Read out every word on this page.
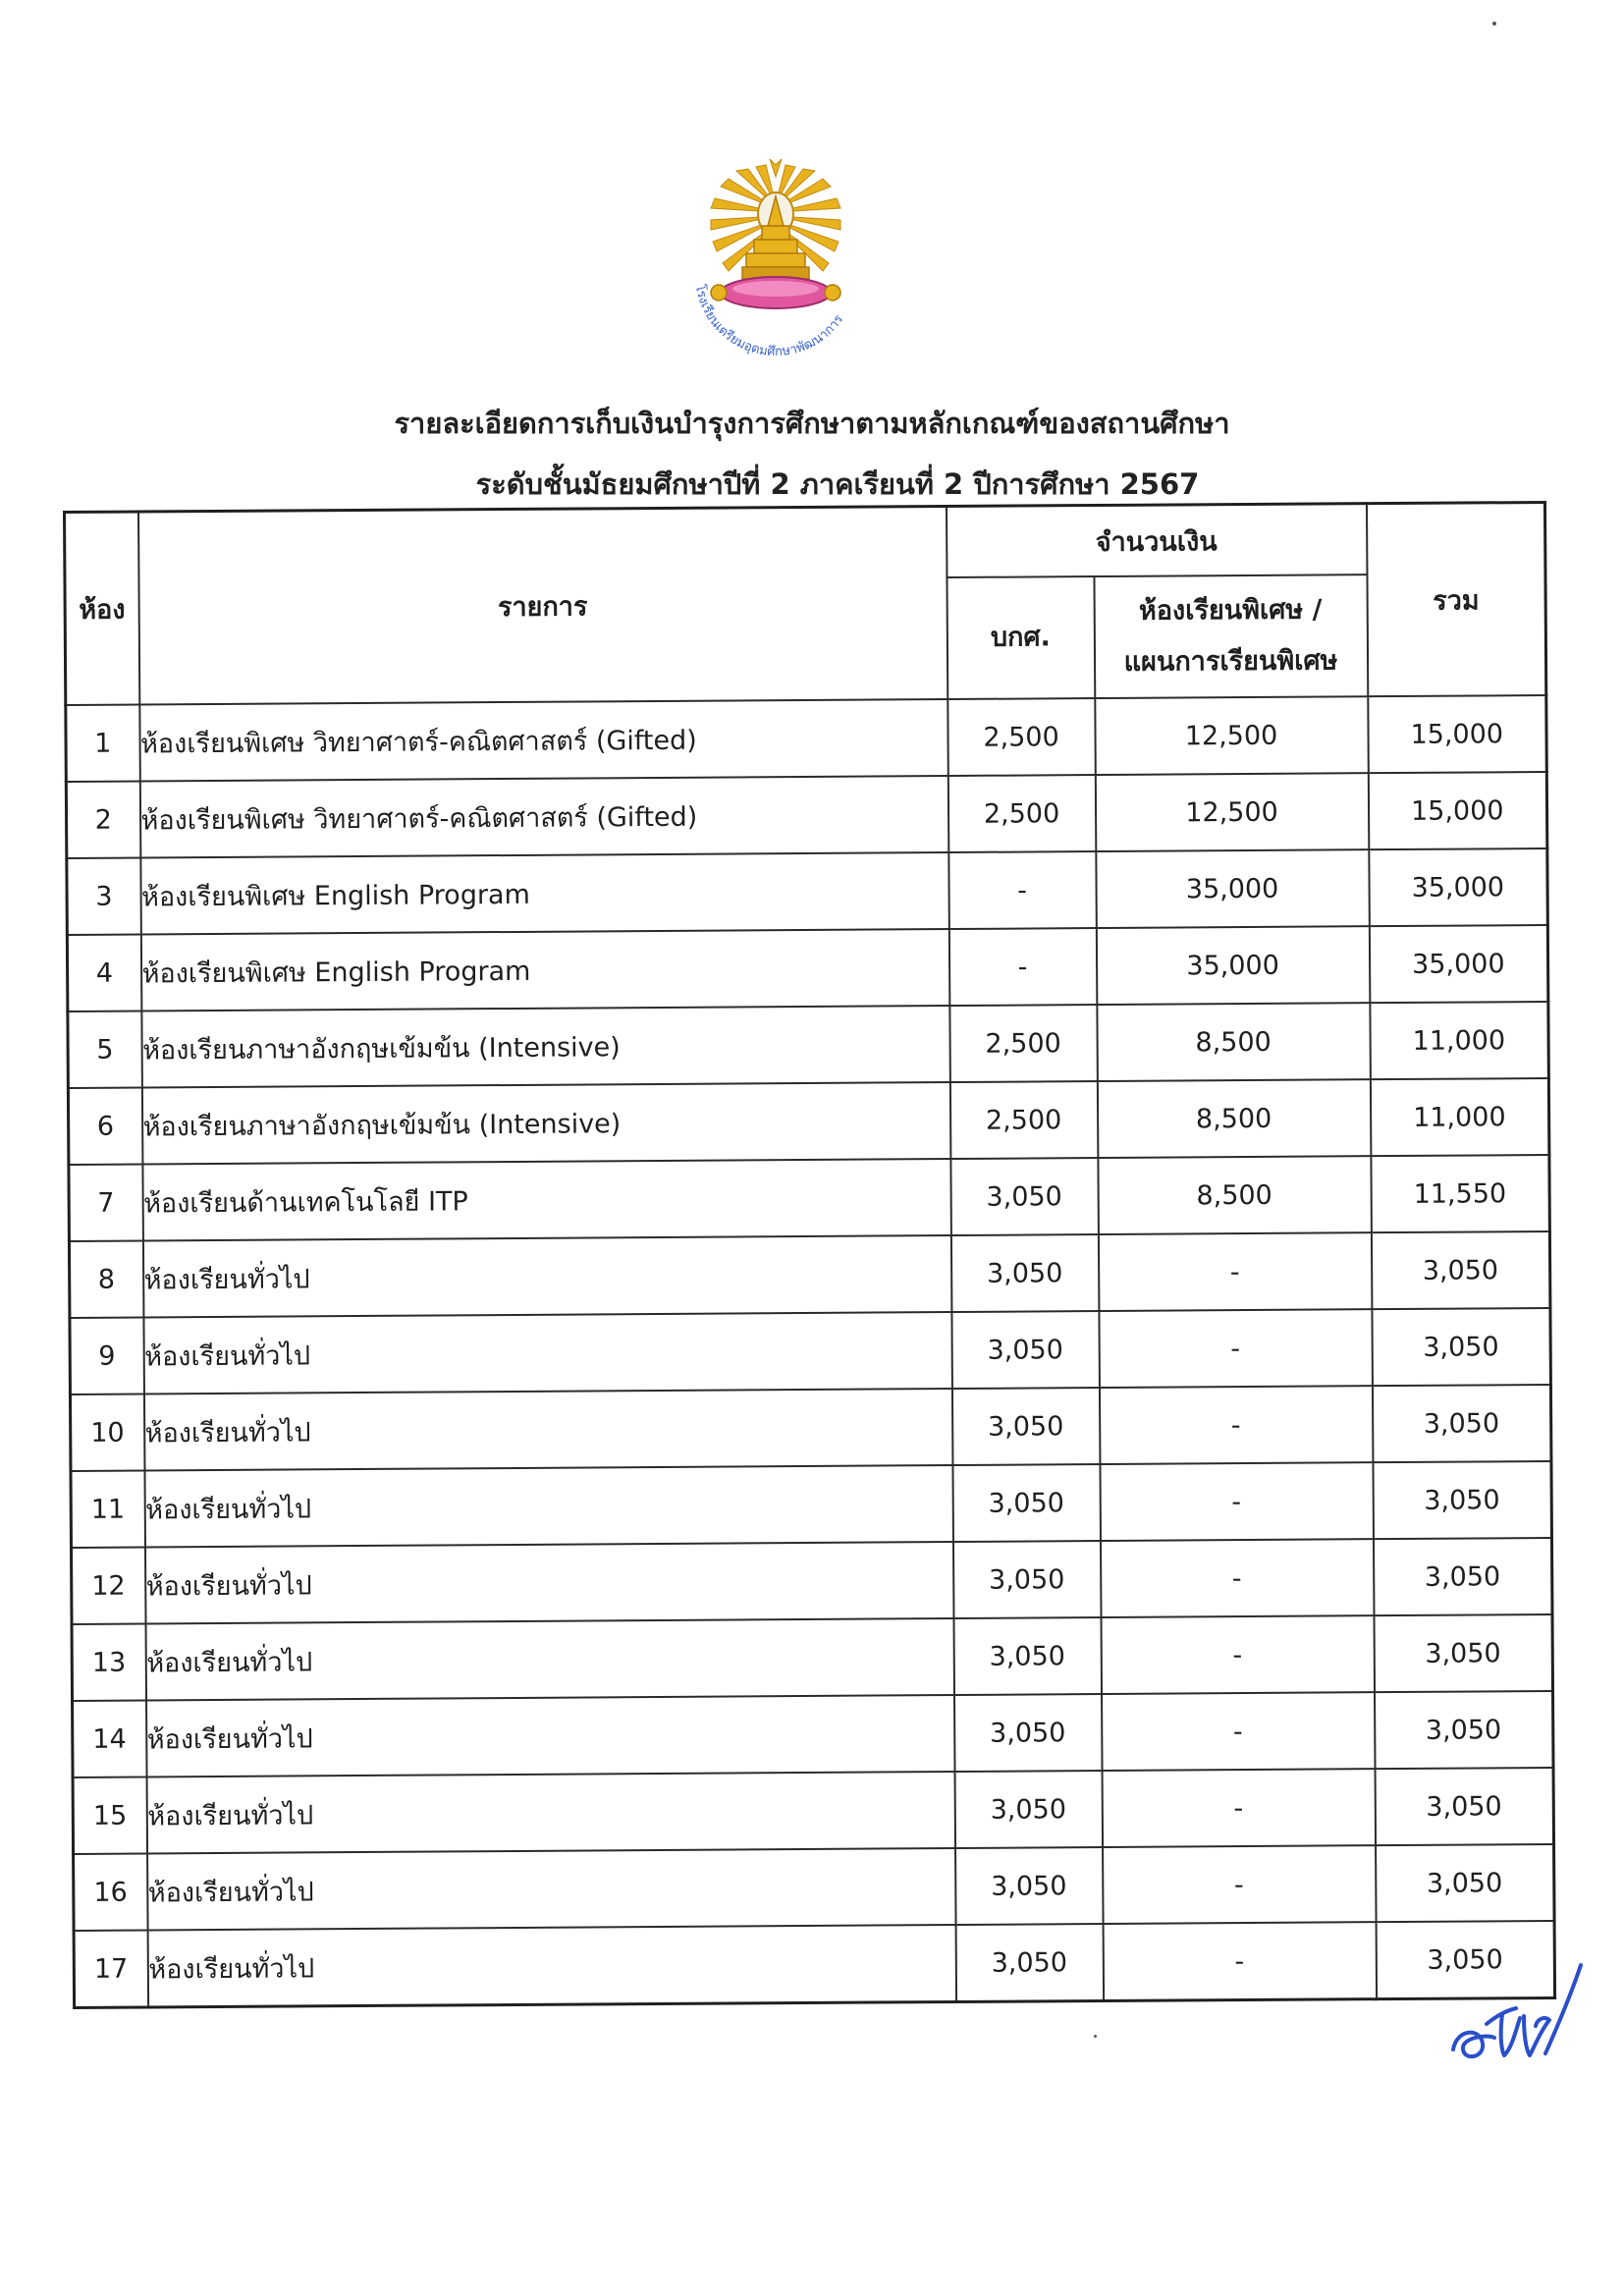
โรงเรียนเตรียมอุดมศึกษาพัฒนาการ
รายละเอียดการเก็บเงินบำรุงการศึกษาตามหลักเกณฑ์ของสถานศึกษา
ระดับชั้นมัธยมศึกษาปีที่ 2 ภาคเรียนที่ 2 ปีการศึกษา 2567
ห้อง	รายการ	จำนวนเงิน		รวม
		บกศ.	ห้องเรียนพิเศษ /
แผนการเรียนพิเศษ	
1	ห้องเรียนพิเศษ วิทยาศาตร์-คณิตศาสตร์ (Gifted)	2,500	12,500	15,000
2	ห้องเรียนพิเศษ วิทยาศาตร์-คณิตศาสตร์ (Gifted)	2,500	12,500	15,000
3	ห้องเรียนพิเศษ English Program	-	35,000	35,000
4	ห้องเรียนพิเศษ English Program	-	35,000	35,000
5	ห้องเรียนภาษาอังกฤษเข้มข้น (Intensive)	2,500	8,500	11,000
6	ห้องเรียนภาษาอังกฤษเข้มข้น (Intensive)	2,500	8,500	11,000
7	ห้องเรียนด้านเทคโนโลยี ITP	3,050	8,500	11,550
8	ห้องเรียนทั่วไป	3,050	-	3,050
9	ห้องเรียนทั่วไป	3,050	-	3,050
10	ห้องเรียนทั่วไป	3,050	-	3,050
11	ห้องเรียนทั่วไป	3,050	-	3,050
12	ห้องเรียนทั่วไป	3,050	-	3,050
13	ห้องเรียนทั่วไป	3,050	-	3,050
14	ห้องเรียนทั่วไป	3,050	-	3,050
15	ห้องเรียนทั่วไป	3,050	-	3,050
16	ห้องเรียนทั่วไป	3,050	-	3,050
17	ห้องเรียนทั่วไป	3,050	-	3,050
